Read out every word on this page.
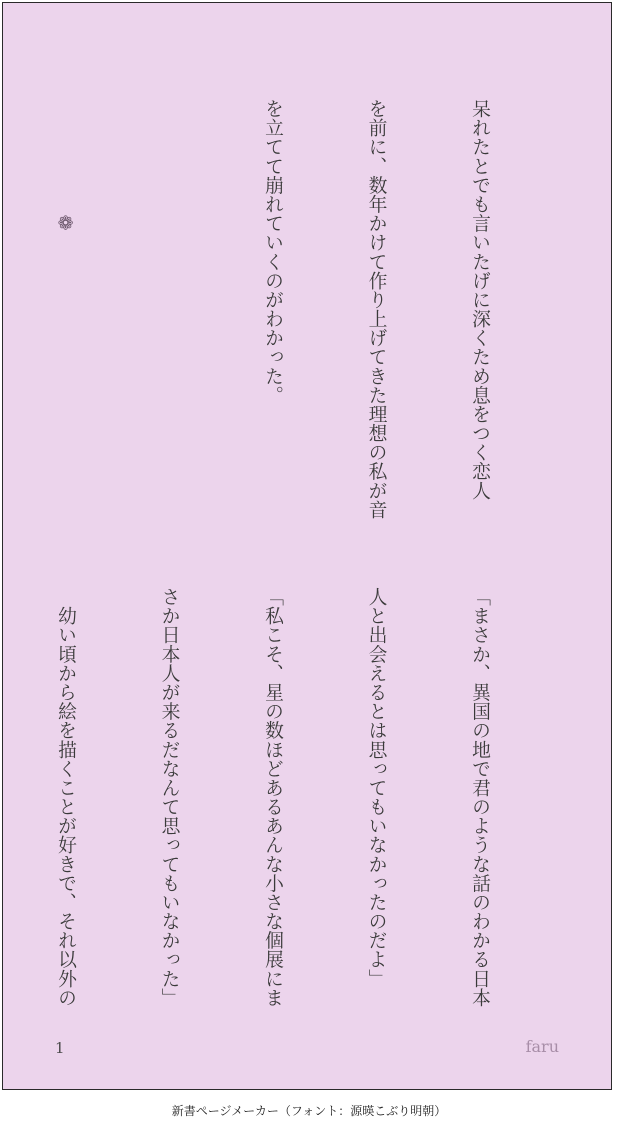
呆れたとでも言いたげに深くため息をつく恋人

を前に、数年かけて作り上げてきた理想の私が音

を立てて崩れていくのがわかった。

　　　　　　❁

「まさか、異国の地で君のような話のわかる日本

人と出会えるとは思ってもいなかったのだよ」

「私こそ、星の数ほどあるあんな小さな個展にま

さか日本人が来るだなんて思ってもいなかった」

　幼い頃から絵を描くことが好きで、それ以外の

1	faru
新書ページメーカー（フォント：源暎こぶり明朝）
